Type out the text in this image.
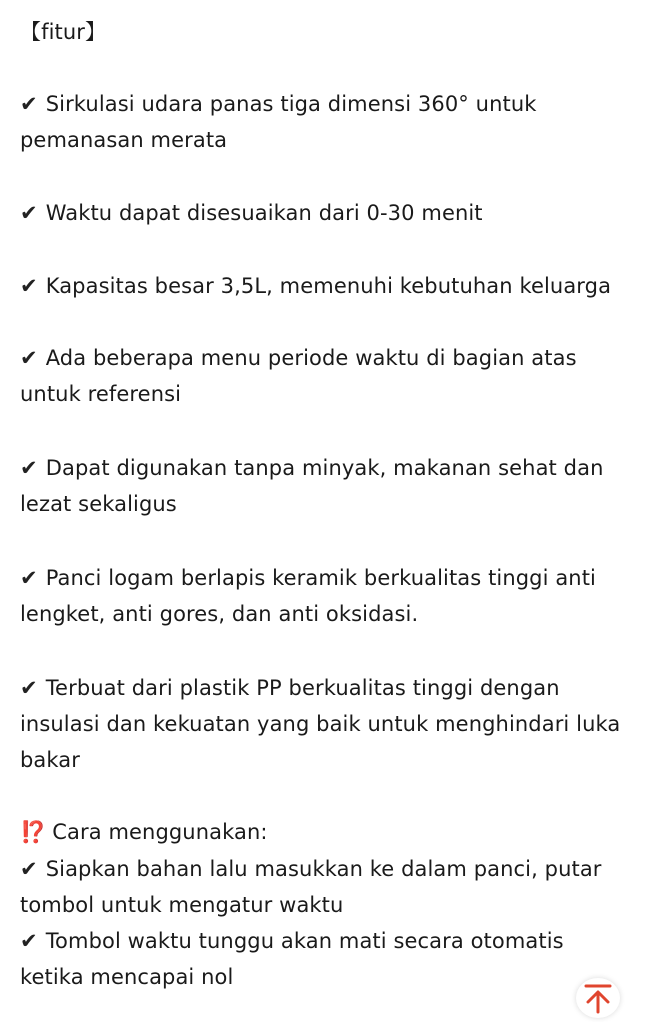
【fitur】

✔ Sirkulasi udara panas tiga dimensi 360° untuk pemanasan merata

✔ Waktu dapat disesuaikan dari 0-30 menit

✔ Kapasitas besar 3,5L, memenuhi kebutuhan keluarga

✔ Ada beberapa menu periode waktu di bagian atas untuk referensi

✔ Dapat digunakan tanpa minyak, makanan sehat dan lezat sekaligus

✔ Panci logam berlapis keramik berkualitas tinggi anti lengket, anti gores, dan anti oksidasi.

✔ Terbuat dari plastik PP berkualitas tinggi dengan insulasi dan kekuatan yang baik untuk menghindari luka bakar

⁉️ Cara menggunakan:

✔ Siapkan bahan lalu masukkan ke dalam panci, putar tombol untuk mengatur waktu

✔ Tombol waktu tunggu akan mati secara otomatis ketika mencapai nol
